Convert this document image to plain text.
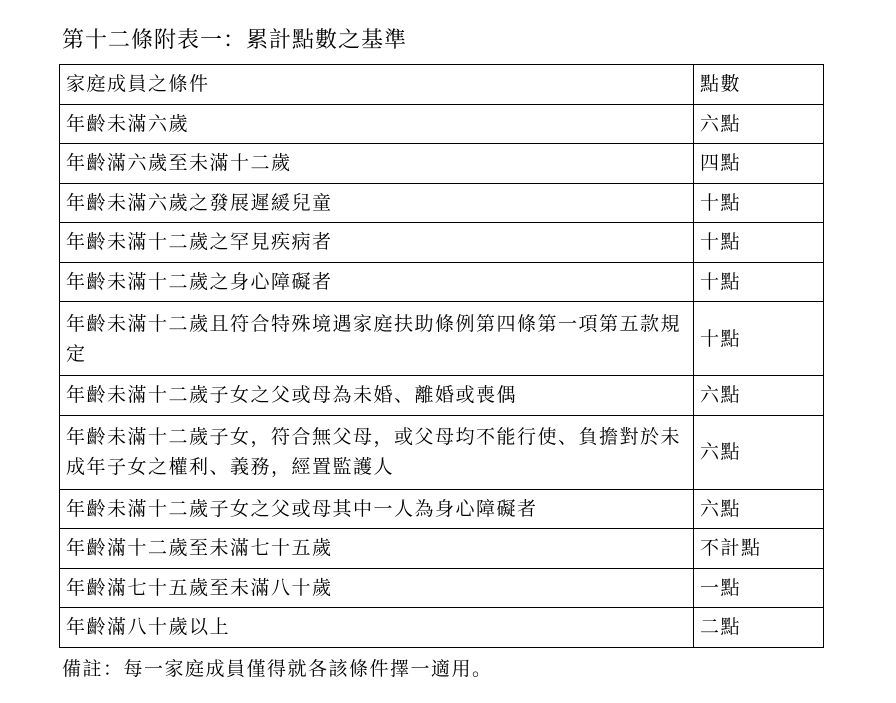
第十二條附表一：累計點數之基準
家庭成員之條件	點數
年齡未滿六歲	六點
年齡滿六歲至未滿十二歲	四點
年齡未滿六歲之發展遲緩兒童	十點
年齡未滿十二歲之罕見疾病者	十點
年齡未滿十二歲之身心障礙者	十點
年齡未滿十二歲且符合特殊境遇家庭扶助條例第四條第一項第五款規定	十點
年齡未滿十二歲子女之父或母為未婚、離婚或喪偶	六點
年齡未滿十二歲子女，符合無父母，或父母均不能行使、負擔對於未成年子女之權利、義務，經置監護人	六點
年齡未滿十二歲子女之父或母其中一人為身心障礙者	六點
年齡滿十二歲至未滿七十五歲	不計點
年齡滿七十五歲至未滿八十歲	一點
年齡滿八十歲以上	二點
備註：每一家庭成員僅得就各該條件擇一適用。
